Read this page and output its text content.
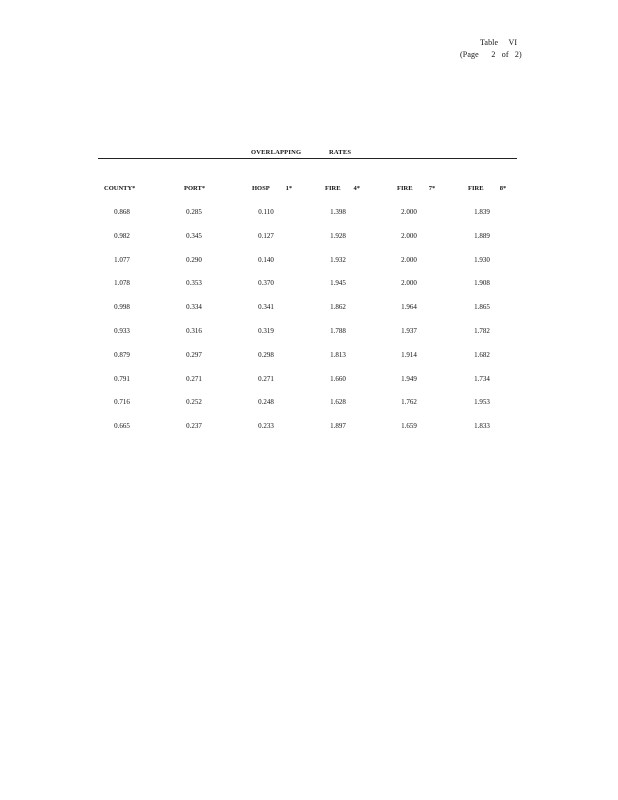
Table     VI
(Page      2   of   2)
OVERLAPPING	RATES
COUNTY*	PORT*	HOSP          1*	FIRE        4*	FIRE          7*	FIRE          8*
0.868	0.285	0.110	1.398	2.000	1.839
0.982	0.345	0.127	1.928	2.000	1.889
1.077	0.290	0.140	1.932	2.000	1.930
1.078	0.353	0.370	1.945	2.000	1.908
0.998	0.334	0.341	1.862	1.964	1.865
0.933	0.316	0.319	1.788	1.937	1.782
0.879	0.297	0.298	1.813	1.914	1.682
0.791	0.271	0.271	1.660	1.949	1.734
0.716	0.252	0.248	1.628	1.762	1.953
0.665	0.237	0.233	1.897	1.659	1.833
